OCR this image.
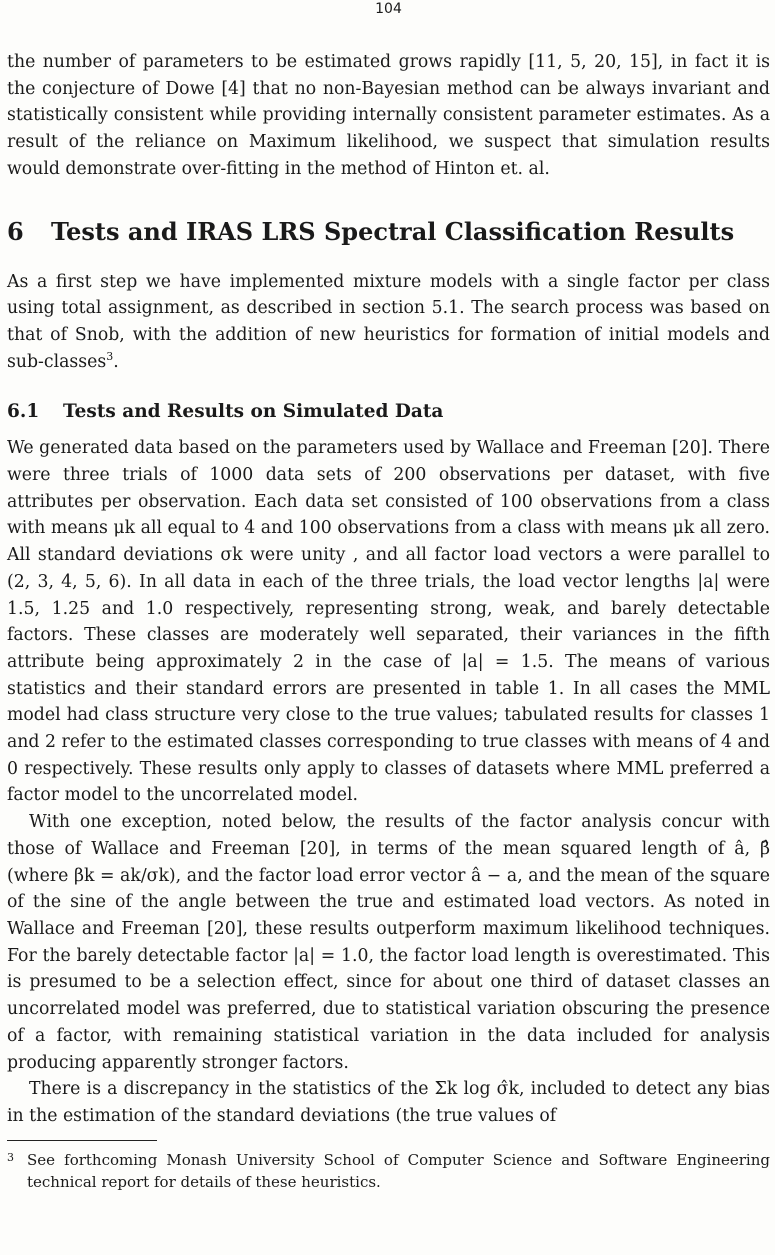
104

the number of parameters to be estimated grows rapidly [11, 5, 20, 15], in fact it is the conjecture of Dowe [4] that no non-Bayesian method can be always invariant and statistically consistent while providing internally consistent parameter estimates. As a result of the reliance on Maximum likelihood, we suspect that simulation results would demonstrate over-fitting in the method of Hinton et. al.

6 Tests and IRAS LRS Spectral Classification Results

As a first step we have implemented mixture models with a single factor per class using total assignment, as described in section 5.1. The search process was based on that of Snob, with the addition of new heuristics for formation of initial models and sub-classes$^3$.

6.1 Tests and Results on Simulated Data

We generated data based on the parameters used by Wallace and Freeman [20]. There were three trials of 1000 data sets of 200 observations per dataset, with five attributes per observation. Each data set consisted of 100 observations from a class with means μk all equal to 4 and 100 observations from a class with means μk all zero. All standard deviations σk were unity , and all factor load vectors a were parallel to (2, 3, 4, 5, 6). In all data in each of the three trials, the load vector lengths |a| were 1.5, 1.25 and 1.0 respectively, representing strong, weak, and barely detectable factors. These classes are moderately well separated, their variances in the fifth attribute being approximately 2 in the case of |a| = 1.5. The means of various statistics and their standard errors are presented in table 1. In all cases the MML model had class structure very close to the true values; tabulated results for classes 1 and 2 refer to the estimated classes corresponding to true classes with means of 4 and 0 respectively. These results only apply to classes of datasets where MML preferred a factor model to the uncorrelated model.

With one exception, noted below, the results of the factor analysis concur with those of Wallace and Freeman [20], in terms of the mean squared length of â, β̂ (where βk = ak/σk), and the factor load error vector â − a, and the mean of the square of the sine of the angle between the true and estimated load vectors. As noted in Wallace and Freeman [20], these results outperform maximum likelihood techniques. For the barely detectable factor |a| = 1.0, the factor load length is overestimated. This is presumed to be a selection effect, since for about one third of dataset classes an uncorrelated model was preferred, due to statistical variation obscuring the presence of a factor, with remaining statistical variation in the data included for analysis producing apparently stronger factors.

There is a discrepancy in the statistics of the Σk log σ̂k, included to detect any bias in the estimation of the standard deviations (the true values of

3 See forthcoming Monash University School of Computer Science and Software Engineering technical report for details of these heuristics.
